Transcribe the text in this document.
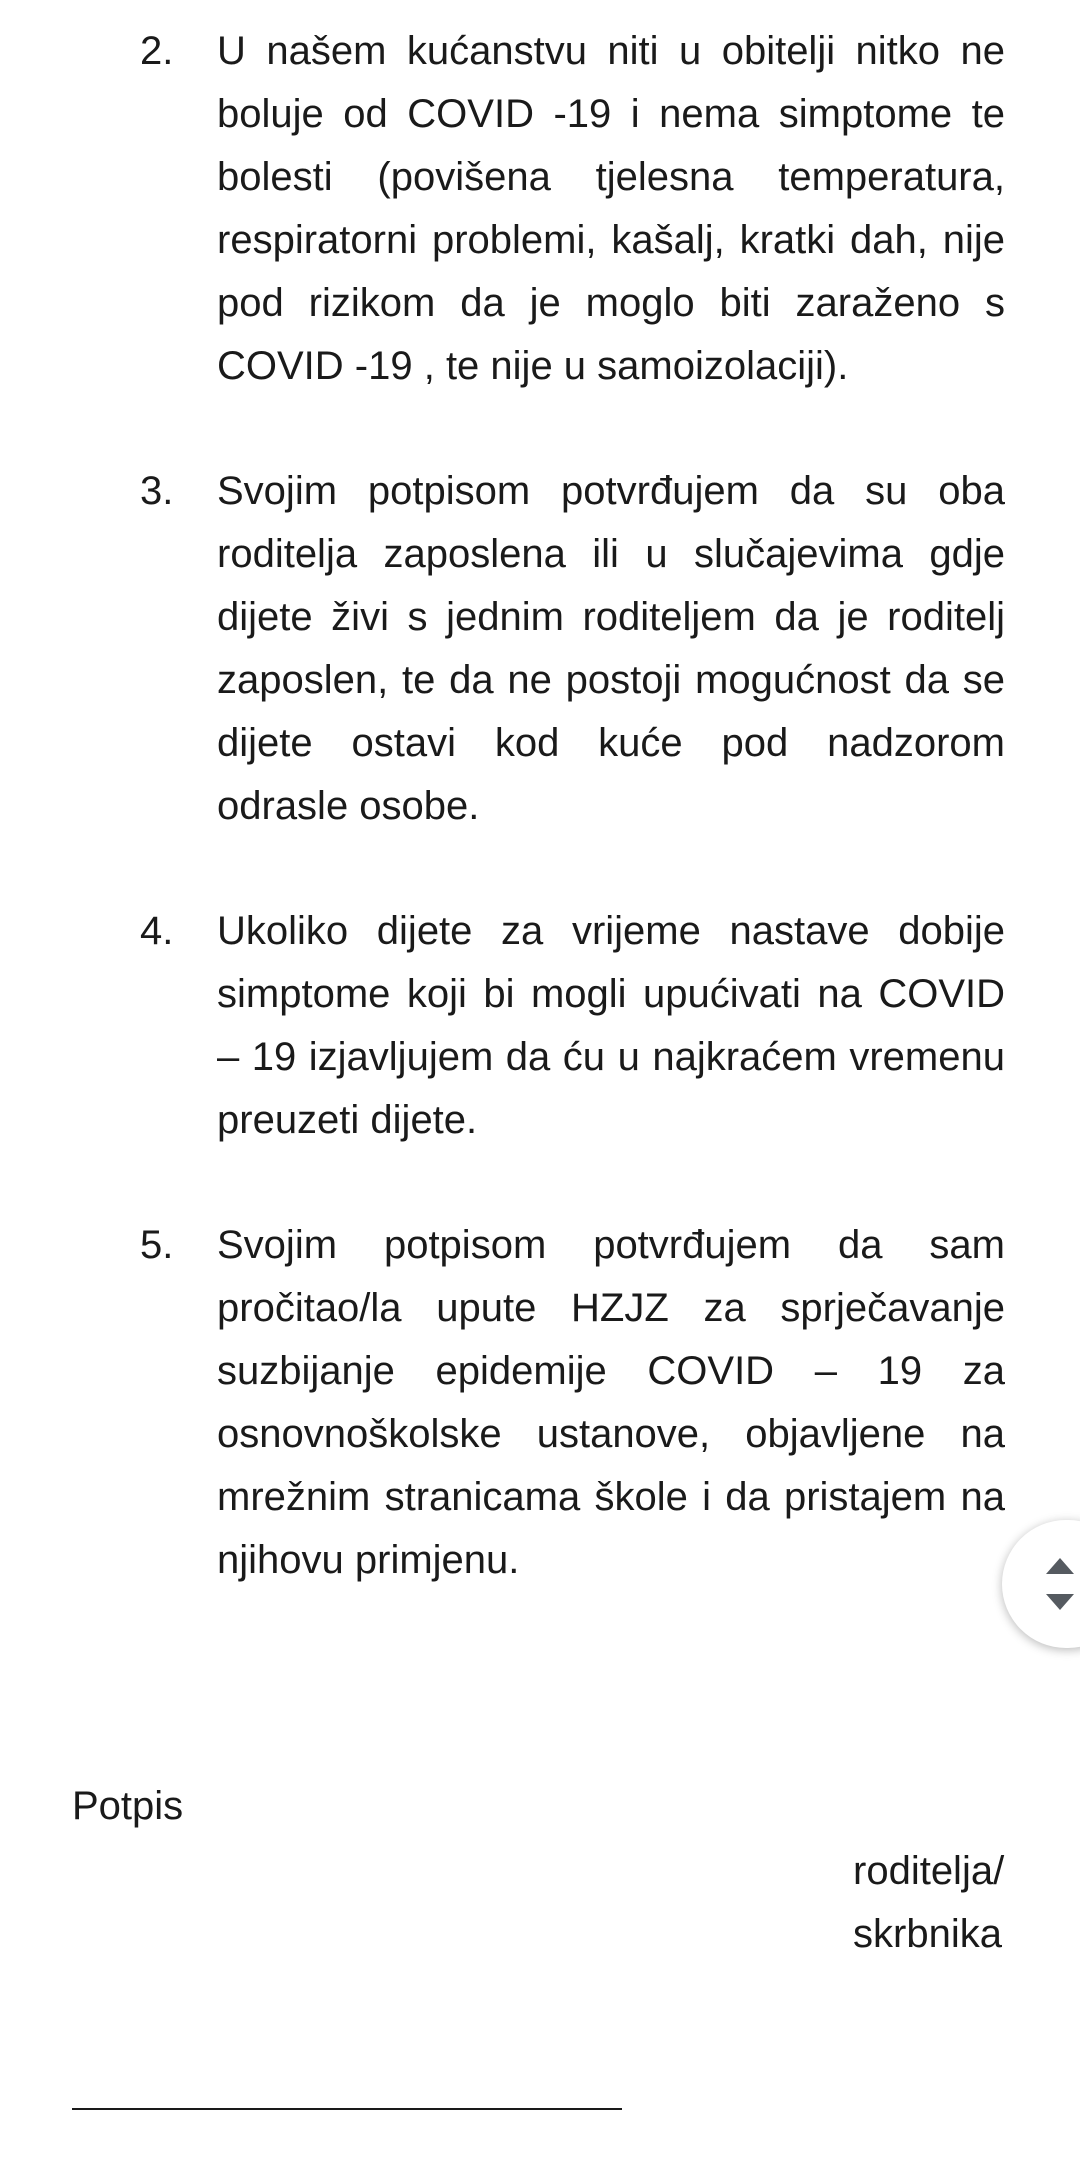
2.	U našem kućanstvu niti u obitelji nitko ne boluje od COVID -19 i nema simptome te bolesti (povišena tjelesna temperatura, respiratorni problemi, kašalj, kratki dah, nije pod rizikom da je moglo biti zaraženo s COVID -19 , te nije u samoizolaciji).
3.	Svojim potpisom potvrđujem da su oba roditelja zaposlena ili u slučajevima gdje dijete živi s jednim roditeljem da je roditelj zaposlen, te da ne postoji mogućnost da se dijete ostavi kod kuće pod nadzorom odrasle osobe.
4.	Ukoliko dijete za vrijeme nastave dobije simptome koji bi mogli upućivati na COVID – 19 izjavljujem da ću u najkraćem vremenu preuzeti dijete.
5.	Svojim potpisom potvrđujem da sam pročitao/la upute HZJZ za sprječavanje suzbijanje epidemije COVID – 19 za osnovnoškolske ustanove, objavljene na mrežnim stranicama škole i da pristajem na njihovu primjenu.
Potpis
roditelja/skrbnika
